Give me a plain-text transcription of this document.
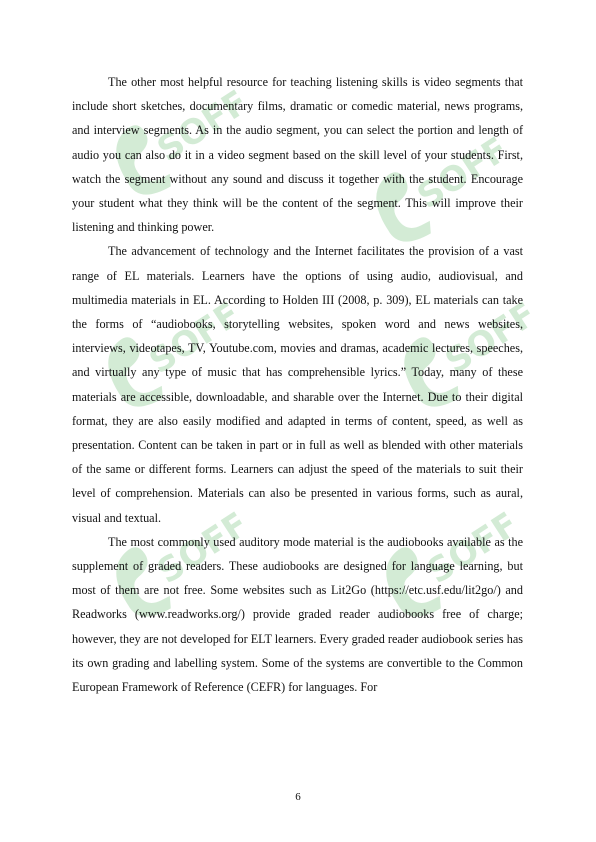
SOFF
SOFF
SOFF	SOFF
SOFF	SOFF

The other most helpful resource for teaching listening skills is video segments that include short sketches, documentary films, dramatic or comedic material, news programs, and interview segments. As in the audio segment, you can select the portion and length of audio you can also do it in a video segment based on the skill level of your students. First, watch the segment without any sound and discuss it together with the student. Encourage your student what they think will be the content of the segment. This will improve their listening and thinking power.

The advancement of technology and the Internet facilitates the provision of a vast range of EL materials. Learners have the options of using audio, audiovisual, and multimedia materials in EL. According to Holden III (2008, p. 309), EL materials can take the forms of “audiobooks, storytelling websites, spoken word and news websites, interviews, videotapes, TV, Youtube.com, movies and dramas, academic lectures, speeches, and virtually any type of music that has comprehensible lyrics.” Today, many of these materials are accessible, downloadable, and sharable over the Internet. Due to their digital format, they are also easily modified and adapted in terms of content, speed, as well as presentation. Content can be taken in part or in full as well as blended with other materials of the same or different forms. Learners can adjust the speed of the materials to suit their level of comprehension. Materials can also be presented in various forms, such as aural, visual and textual.

The most commonly used auditory mode material is the audiobooks available as the supplement of graded readers. These audiobooks are designed for language learning, but most of them are not free. Some websites such as Lit2Go (https://etc.usf.edu/lit2go/) and Readworks (www.readworks.org/) provide graded reader audiobooks free of charge; however, they are not developed for ELT learners. Every graded reader audiobook series has its own grading and labelling system. Some of the systems are convertible to the Common European Framework of Reference (CEFR) for languages. For

6
